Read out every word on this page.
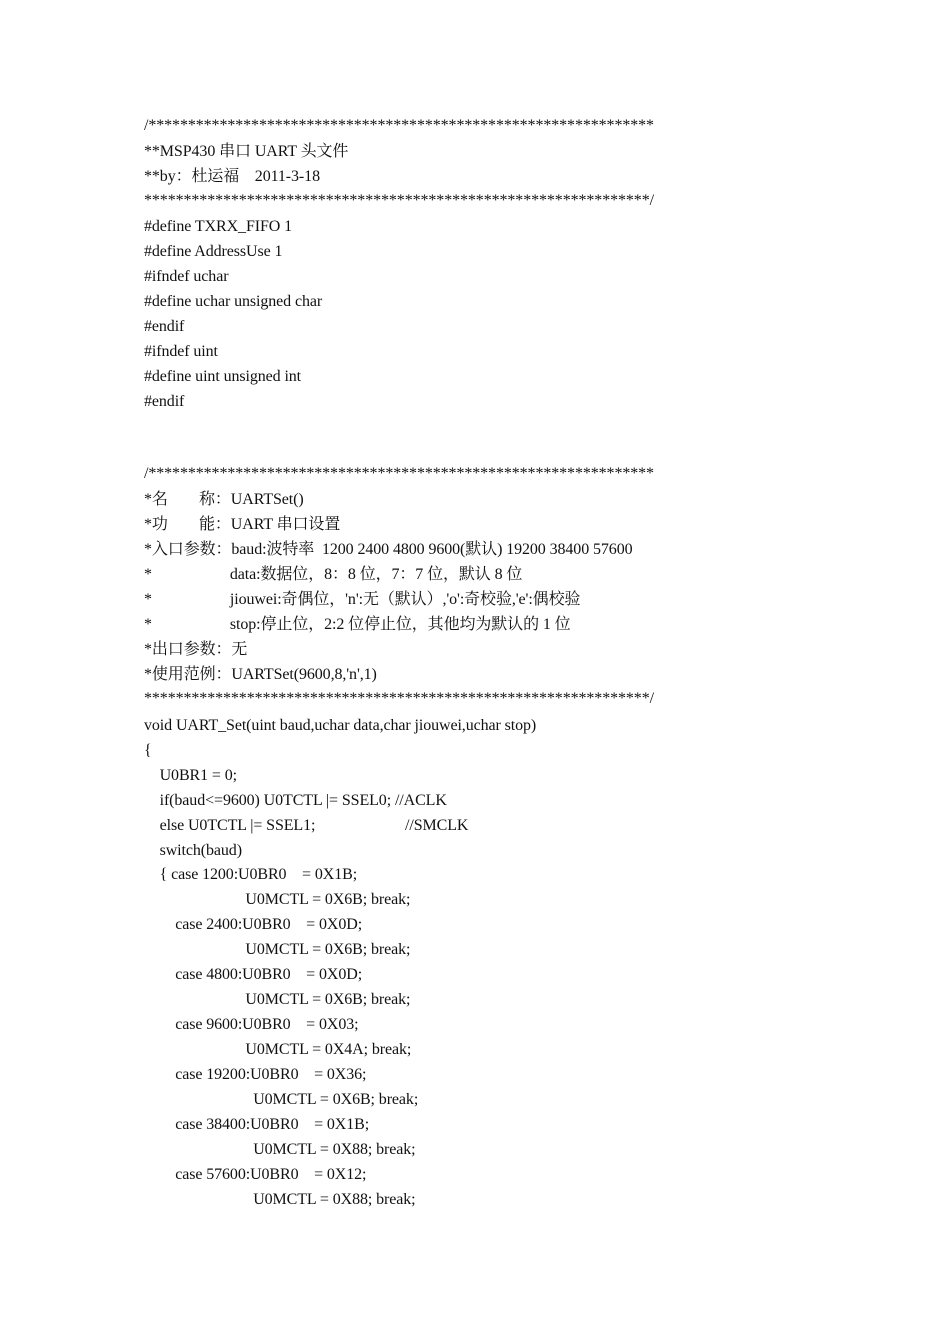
/****************************************************************
**MSP430 串口 UART 头文件
**by：杜运福    2011-3-18
****************************************************************/
#define TXRX_FIFO 1
#define AddressUse 1
#ifndef uchar
#define uchar unsigned char
#endif
#ifndef uint
#define uint unsigned int
#endif
/****************************************************************
*名        称：UARTSet()
*功        能：UART 串口设置
*入口参数：baud:波特率  1200 2400 4800 9600(默认) 19200 38400 57600
*                    data:数据位，8：8 位，7：7 位，默认 8 位
*                    jiouwei:奇偶位，'n':无（默认）,'o':奇校验,'e':偶校验
*                    stop:停止位，2:2 位停止位，其他均为默认的 1 位
*出口参数：无
*使用范例：UARTSet(9600,8,'n',1)
****************************************************************/
void UART_Set(uint baud,uchar data,char jiouwei,uchar stop)
{
U0BR1 = 0;
if(baud<=9600) U0TCTL |= SSEL0; //ACLK
else U0TCTL |= SSEL1;                       //SMCLK
switch(baud)
{ case 1200:U0BR0    = 0X1B;
U0MCTL = 0X6B; break;
case 2400:U0BR0    = 0X0D;
U0MCTL = 0X6B; break;
case 4800:U0BR0    = 0X0D;
U0MCTL = 0X6B; break;
case 9600:U0BR0    = 0X03;
U0MCTL = 0X4A; break;
case 19200:U0BR0    = 0X36;
U0MCTL = 0X6B; break;
case 38400:U0BR0    = 0X1B;
U0MCTL = 0X88; break;
case 57600:U0BR0    = 0X12;
U0MCTL = 0X88; break;
